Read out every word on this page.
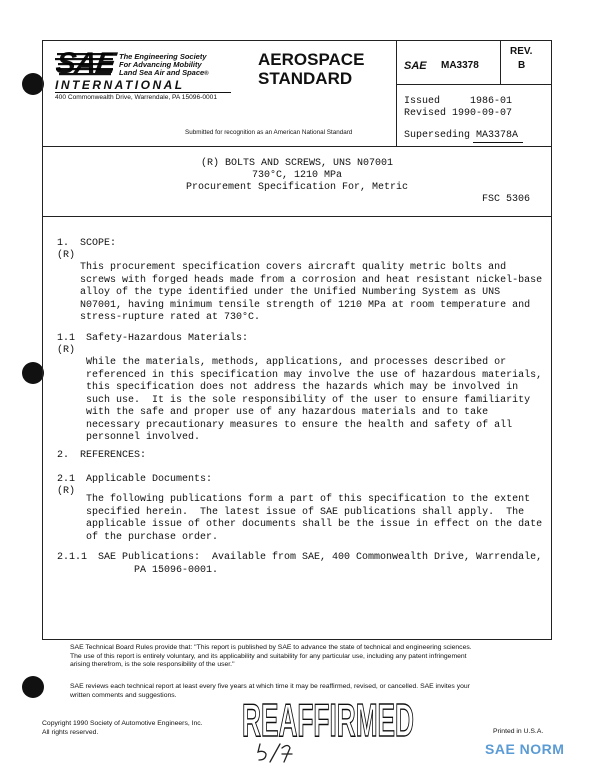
SAE The Engineering Society
For Advancing Mobility
Land Sea Air and Space®
INTERNATIONAL
400 Commonwealth Drive, Warrendale, PA 15096-0001
AEROSPACE
STANDARD
Submitted for recognition as an American National Standard
SAE MA3378
REV.
B
Issued     1986-01
Revised 1990-09-07
Superseding MA3378A
(R) BOLTS AND SCREWS, UNS N07001
730°C, 1210 MPa
Procurement Specification For, Metric
FSC 5306
1. SCOPE:
(R)
This procurement specification covers aircraft quality metric bolts and
screws with forged heads made from a corrosion and heat resistant nickel-base
alloy of the type identified under the Unified Numbering System as UNS
N07001, having minimum tensile strength of 1210 MPa at room temperature and
stress-rupture rated at 730°C.
1.1 Safety-Hazardous Materials:
(R)
While the materials, methods, applications, and processes described or
referenced in this specification may involve the use of hazardous materials,
this specification does not address the hazards which may be involved in
such use.  It is the sole responsibility of the user to ensure familiarity
with the safe and proper use of any hazardous materials and to take
necessary precautionary measures to ensure the health and safety of all
personnel involved.
2. REFERENCES:
2.1 Applicable Documents:
(R)
The following publications form a part of this specification to the extent
specified herein.  The latest issue of SAE publications shall apply.  The
applicable issue of other documents shall be the issue in effect on the date
of the purchase order.
2.1.1 SAE Publications:  Available from SAE, 400 Commonwealth Drive, Warrendale,
PA 15096-0001.
SAE Technical Board Rules provide that: "This report is published by SAE to advance the state of technical and engineering sciences.
The use of this report is entirely voluntary, and its applicability and suitability for any particular use, including any patent infringement
arising therefrom, is the sole responsibility of the user."
SAE reviews each technical report at least every five years at which time it may be reaffirmed, revised, or cancelled. SAE invites your
written comments and suggestions.
Copyright 1990 Society of Automotive Engineers, Inc.
All rights reserved.	Printed in U.S.A.
REAFFIRMED
SAE NORM
